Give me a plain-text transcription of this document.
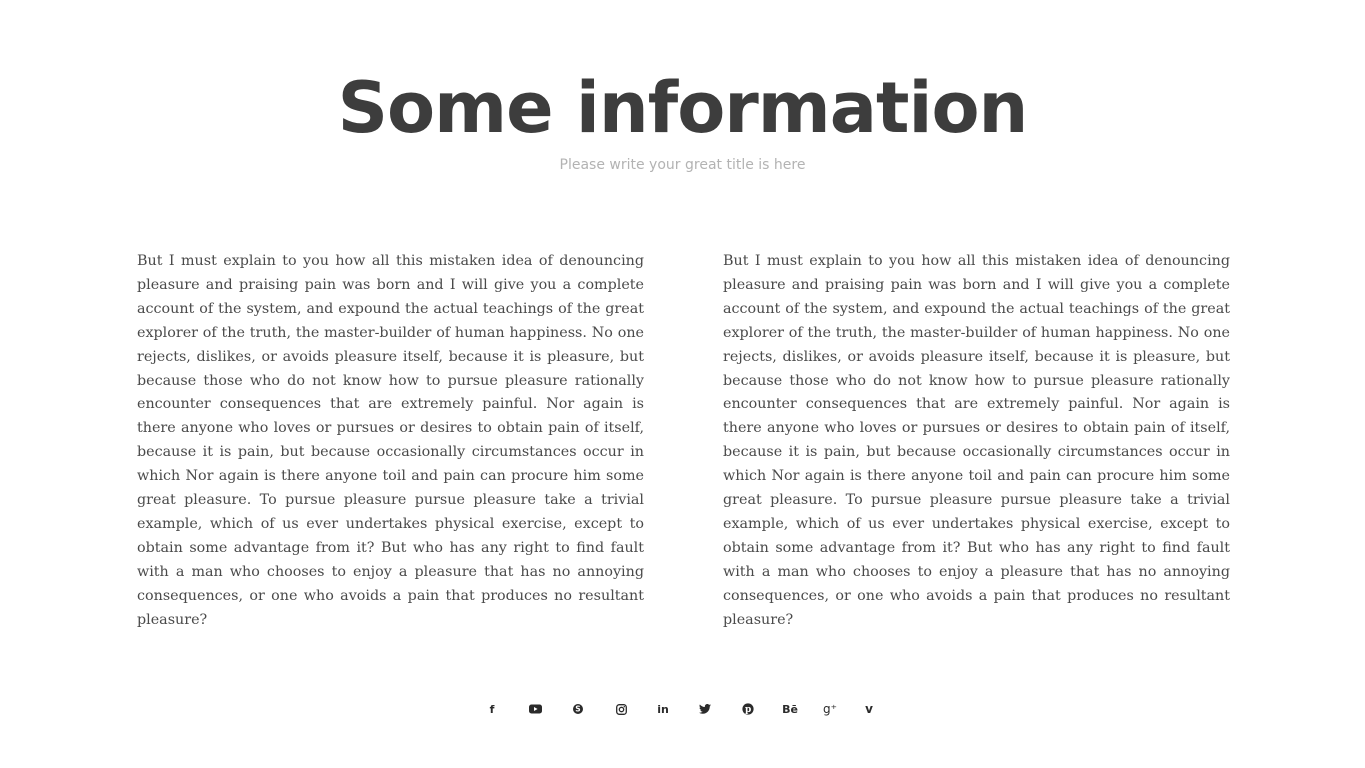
Some information

Please write your great title is here

But I must explain to you how all this mistaken idea of denouncing pleasure and praising pain was born and I will give you a complete account of the system, and expound the actual teachings of the great explorer of the truth, the master-builder of human happiness. No one rejects, dislikes, or avoids pleasure itself, because it is pleasure, but because those who do not know how to pursue pleasure rationally encounter consequences that are extremely painful. Nor again is there anyone who loves or pursues or desires to obtain pain of itself, because it is pain, but because occasionally circumstances occur in which Nor again is there anyone toil and pain can procure him some great pleasure. To pursue pleasure pursue pleasure take a trivial example, which of us ever undertakes physical exercise, except to obtain some advantage from it? But who has any right to find fault with a man who chooses to enjoy a pleasure that has no annoying consequences, or one who avoids a pain that produces no resultant pleasure?

But I must explain to you how all this mistaken idea of denouncing pleasure and praising pain was born and I will give you a complete account of the system, and expound the actual teachings of the great explorer of the truth, the master-builder of human happiness. No one rejects, dislikes, or avoids pleasure itself, because it is pleasure, but because those who do not know how to pursue pleasure rationally encounter consequences that are extremely painful. Nor again is there anyone who loves or pursues or desires to obtain pain of itself, because it is pain, but because occasionally circumstances occur in which Nor again is there anyone toil and pain can procure him some great pleasure. To pursue pleasure pursue pleasure take a trivial example, which of us ever undertakes physical exercise, except to obtain some advantage from it? But who has any right to find fault with a man who chooses to enjoy a pleasure that has no annoying consequences, or one who avoids a pain that produces no resultant pleasure?

f	S	in	p	Bē g⁺ v
